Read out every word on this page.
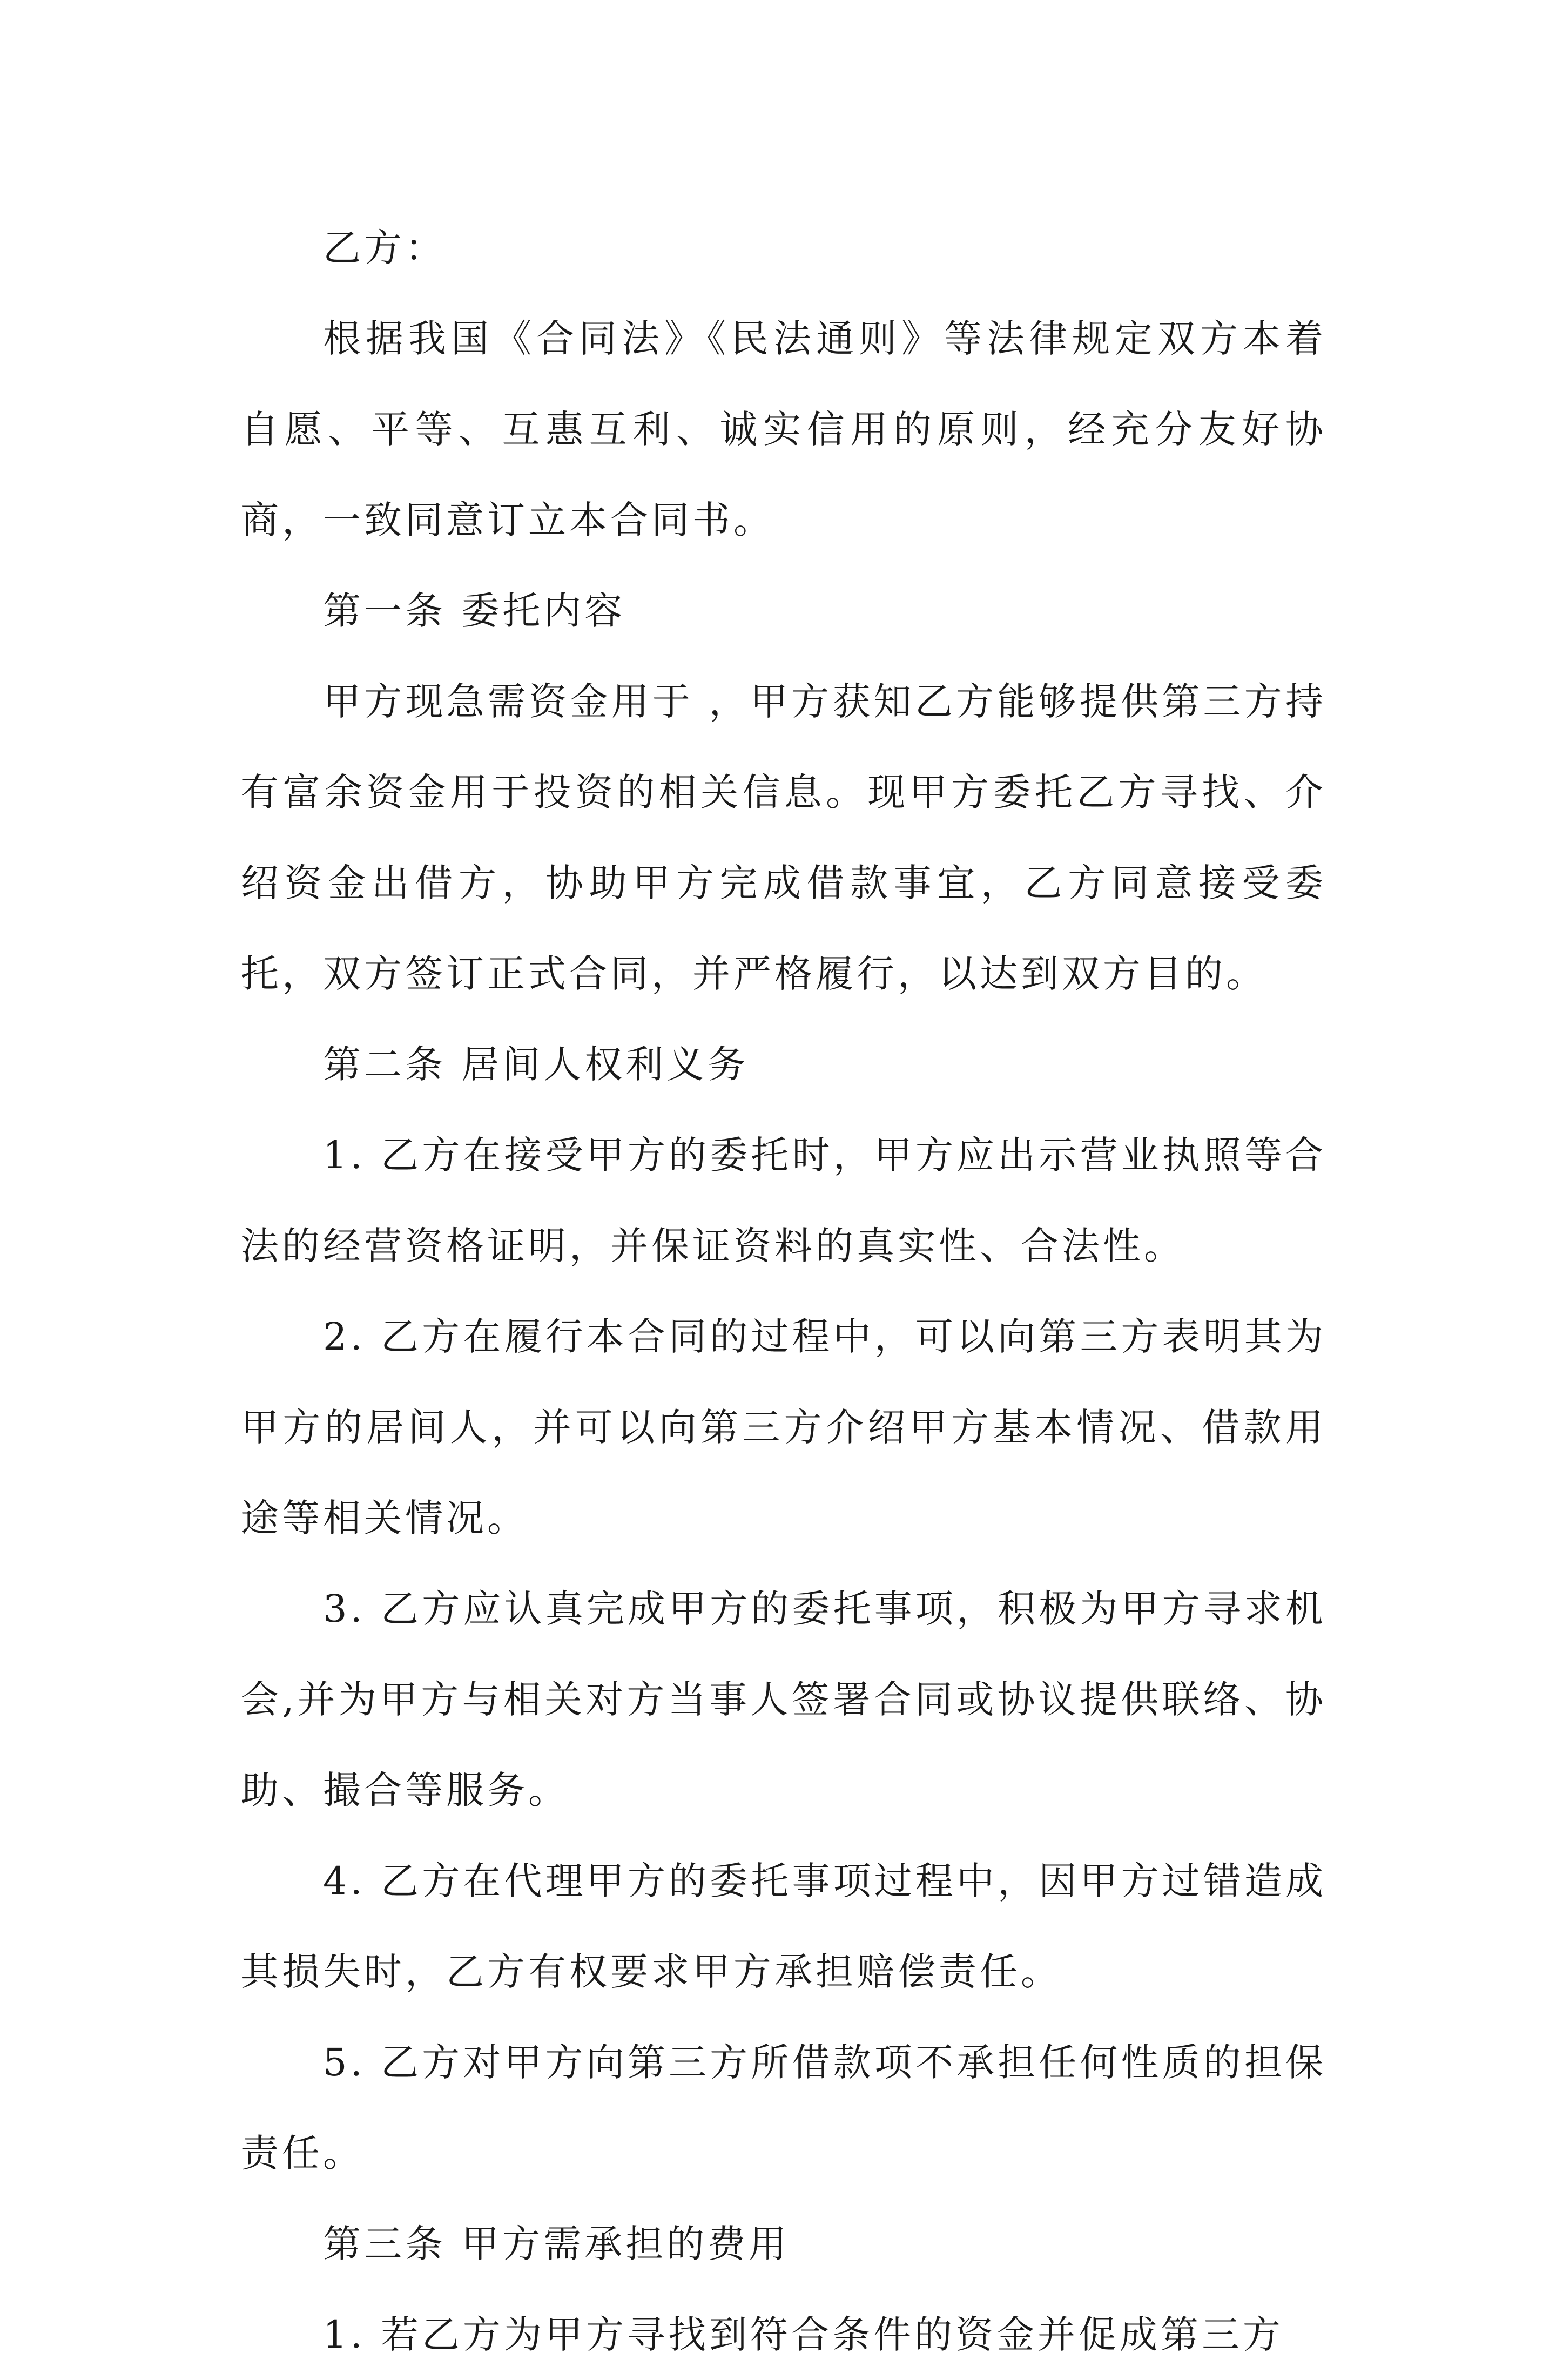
乙方：

根据我国《合同法》《民法通则》等法律规定双方本着自愿、平等、互惠互利、诚实信用的原则，经充分友好协商，一致同意订立本合同书。

第一条 委托内容

甲方现急需资金用于 ，甲方获知乙方能够提供第三方持有富余资金用于投资的相关信息。现甲方委托乙方寻找、介绍资金出借方，协助甲方完成借款事宜，乙方同意接受委托，双方签订正式合同，并严格履行，以达到双方目的。

第二条 居间人权利义务

1. 乙方在接受甲方的委托时，甲方应出示营业执照等合法的经营资格证明，并保证资料的真实性、合法性。

2. 乙方在履行本合同的过程中，可以向第三方表明其为甲方的居间人，并可以向第三方介绍甲方基本情况、借款用途等相关情况。

3. 乙方应认真完成甲方的委托事项，积极为甲方寻求机会,并为甲方与相关对方当事人签署合同或协议提供联络、协助、撮合等服务。

4. 乙方在代理甲方的委托事项过程中，因甲方过错造成其损失时，乙方有权要求甲方承担赔偿责任。

5. 乙方对甲方向第三方所借款项不承担任何性质的担保责任。

第三条 甲方需承担的费用

1. 若乙方为甲方寻找到符合条件的资金并促成第三方
